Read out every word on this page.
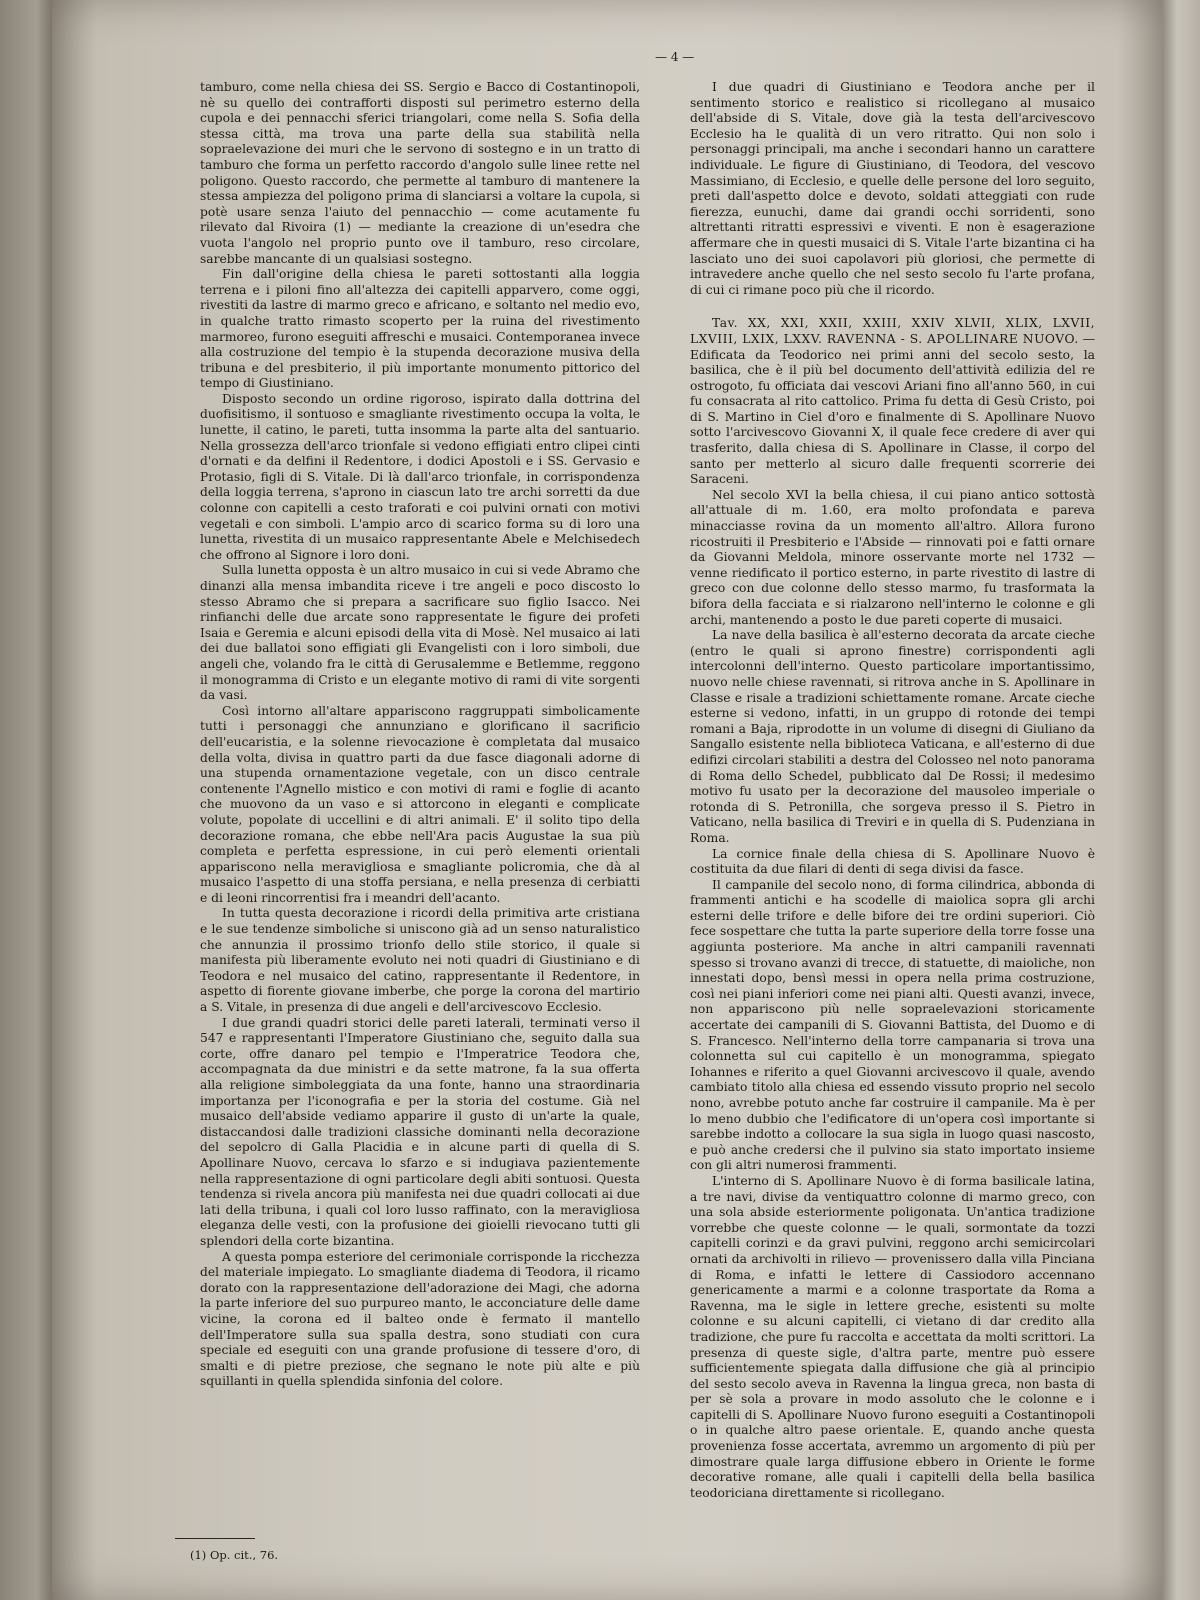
— 4 —

tamburo, come nella chiesa dei SS. Sergio e Bacco di Costantinopoli, nè su quello dei contrafforti disposti sul perimetro esterno della cupola e dei pennacchi sferici triangolari, come nella S. Sofia della stessa città, ma trova una parte della sua stabilità nella sopraelevazione dei muri che le servono di sostegno e in un tratto di tamburo che forma un perfetto raccordo d'angolo sulle linee rette nel poligono. Questo raccordo, che permette al tamburo di mantenere la stessa ampiezza del poligono prima di slanciarsi a voltare la cupola, si potè usare senza l'aiuto del pennacchio — come acutamente fu rilevato dal Rivoira (1) — mediante la creazione di un'esedra che vuota l'angolo nel proprio punto ove il tamburo, reso circolare, sarebbe mancante di un qualsiasi sostegno.

Fin dall'origine della chiesa le pareti sottostanti alla loggia terrena e i piloni fino all'altezza dei capitelli apparvero, come oggi, rivestiti da lastre di marmo greco e africano, e soltanto nel medio evo, in qualche tratto rimasto scoperto per la ruina del rivestimento marmoreo, furono eseguiti affreschi e musaici. Contemporanea invece alla costruzione del tempio è la stupenda decorazione musiva della tribuna e del presbiterio, il più importante monumento pittorico del tempo di Giustiniano.

Disposto secondo un ordine rigoroso, ispirato dalla dottrina del duofisitismo, il sontuoso e smagliante rivestimento occupa la volta, le lunette, il catino, le pareti, tutta insomma la parte alta del santuario. Nella grossezza dell'arco trionfale si vedono effigiati entro clipei cinti d'ornati e da delfini il Redentore, i dodici Apostoli e i SS. Gervasio e Protasio, figli di S. Vitale. Di là dall'arco trionfale, in corrispondenza della loggia terrena, s'aprono in ciascun lato tre archi sorretti da due colonne con capitelli a cesto traforati e coi pulvini ornati con motivi vegetali e con simboli. L'ampio arco di scarico forma su di loro una lunetta, rivestita di un musaico rappresentante Abele e Melchisedech che offrono al Signore i loro doni.

Sulla lunetta opposta è un altro musaico in cui si vede Abramo che dinanzi alla mensa imbandita riceve i tre angeli e poco discosto lo stesso Abramo che si prepara a sacrificare suo figlio Isacco. Nei rinfianchi delle due arcate sono rappresentate le figure dei profeti Isaia e Geremia e alcuni episodi della vita di Mosè. Nel musaico ai lati dei due ballatoi sono effigiati gli Evangelisti con i loro simboli, due angeli che, volando fra le città di Gerusalemme e Betlemme, reggono il monogramma di Cristo e un elegante motivo di rami di vite sorgenti da vasi.

Così intorno all'altare appariscono raggruppati simbolicamente tutti i personaggi che annunziano e glorificano il sacrificio dell'eucaristia, e la solenne rievocazione è completata dal musaico della volta, divisa in quattro parti da due fasce diagonali adorne di una stupenda ornamentazione vegetale, con un disco centrale contenente l'Agnello mistico e con motivi di rami e foglie di acanto che muovono da un vaso e si attorcono in eleganti e complicate volute, popolate di uccellini e di altri animali. E' il solito tipo della decorazione romana, che ebbe nell'Ara pacis Augustae la sua più completa e perfetta espressione, in cui però elementi orientali appariscono nella meravigliosa e smagliante policromia, che dà al musaico l'aspetto di una stoffa persiana, e nella presenza di cerbiatti e di leoni rincorrentisi fra i meandri dell'acanto.

In tutta questa decorazione i ricordi della primitiva arte cristiana e le sue tendenze simboliche si uniscono già ad un senso naturalistico che annunzia il prossimo trionfo dello stile storico, il quale si manifesta più liberamente evoluto nei noti quadri di Giustiniano e di Teodora e nel musaico del catino, rappresentante il Redentore, in aspetto di fiorente giovane imberbe, che porge la corona del martirio a S. Vitale, in presenza di due angeli e dell'arcivescovo Ecclesio.

I due grandi quadri storici delle pareti laterali, terminati verso il 547 e rappresentanti l'Imperatore Giustiniano che, seguito dalla sua corte, offre danaro pel tempio e l'Imperatrice Teodora che, accompagnata da due ministri e da sette matrone, fa la sua offerta alla religione simboleggiata da una fonte, hanno una straordinaria importanza per l'iconografia e per la storia del costume. Già nel musaico dell'abside vediamo apparire il gusto di un'arte la quale, distaccandosi dalle tradizioni classiche dominanti nella decorazione del sepolcro di Galla Placidia e in alcune parti di quella di S. Apollinare Nuovo, cercava lo sfarzo e si indugiava pazientemente nella rappresentazione di ogni particolare degli abiti sontuosi. Questa tendenza si rivela ancora più manifesta nei due quadri collocati ai due lati della tribuna, i quali col loro lusso raffinato, con la meravigliosa eleganza delle vesti, con la profusione dei gioielli rievocano tutti gli splendori della corte bizantina.

A questa pompa esteriore del cerimoniale corrisponde la ricchezza del materiale impiegato. Lo smagliante diadema di Teodora, il ricamo dorato con la rappresentazione dell'adorazione dei Magi, che adorna la parte inferiore del suo purpureo manto, le acconciature delle dame vicine, la corona ed il balteo onde è fermato il mantello dell'Imperatore sulla sua spalla destra, sono studiati con cura speciale ed eseguiti con una grande profusione di tessere d'oro, di smalti e di pietre preziose, che segnano le note più alte e più squillanti in quella splendida sinfonia del colore.

I due quadri di Giustiniano e Teodora anche per il sentimento storico e realistico si ricollegano al musaico dell'abside di S. Vitale, dove già la testa dell'arcivescovo Ecclesio ha le qualità di un vero ritratto. Qui non solo i personaggi principali, ma anche i secondari hanno un carattere individuale. Le figure di Giustiniano, di Teodora, del vescovo Massimiano, di Ecclesio, e quelle delle persone del loro seguito, preti dall'aspetto dolce e devoto, soldati atteggiati con rude fierezza, eunuchi, dame dai grandi occhi sorridenti, sono altrettanti ritratti espressivi e viventi. E non è esagerazione affermare che in questi musaici di S. Vitale l'arte bizantina ci ha lasciato uno dei suoi capolavori più gloriosi, che permette di intravedere anche quello che nel sesto secolo fu l'arte profana, di cui ci rimane poco più che il ricordo.

Tav. XX, XXI, XXII, XXIII, XXIV XLVII, XLIX, LXVII, LXVIII, LXIX, LXXV. RAVENNA - S. APOLLINARE NUOVO. — Edificata da Teodorico nei primi anni del secolo sesto, la basilica, che è il più bel documento dell'attività edilizia del re ostrogoto, fu officiata dai vescovi Ariani fino all'anno 560, in cui fu consacrata al rito cattolico. Prima fu detta di Gesù Cristo, poi di S. Martino in Ciel d'oro e finalmente di S. Apollinare Nuovo sotto l'arcivescovo Giovanni X, il quale fece credere di aver qui trasferito, dalla chiesa di S. Apollinare in Classe, il corpo del santo per metterlo al sicuro dalle frequenti scorrerie dei Saraceni.

Nel secolo XVI la bella chiesa, il cui piano antico sottostà all'attuale di m. 1.60, era molto profondata e pareva minacciasse rovina da un momento all'altro. Allora furono ricostruiti il Presbiterio e l'Abside — rinnovati poi e fatti ornare da Giovanni Meldola, minore osservante morte nel 1732 — venne riedificato il portico esterno, in parte rivestito di lastre di greco con due colonne dello stesso marmo, fu trasformata la bifora della facciata e si rialzarono nell'interno le colonne e gli archi, mantenendo a posto le due pareti coperte di musaici.

La nave della basilica è all'esterno decorata da arcate cieche (entro le quali si aprono finestre) corrispondenti agli intercolonni dell'interno. Questo particolare importantissimo, nuovo nelle chiese ravennati, si ritrova anche in S. Apollinare in Classe e risale a tradizioni schiettamente romane. Arcate cieche esterne si vedono, infatti, in un gruppo di rotonde dei tempi romani a Baja, riprodotte in un volume di disegni di Giuliano da Sangallo esistente nella biblioteca Vaticana, e all'esterno di due edifizi circolari stabiliti a destra del Colosseo nel noto panorama di Roma dello Schedel, pubblicato dal De Rossi; il medesimo motivo fu usato per la decorazione del mausoleo imperiale o rotonda di S. Petronilla, che sorgeva presso il S. Pietro in Vaticano, nella basilica di Treviri e in quella di S. Pudenziana in Roma.

La cornice finale della chiesa di S. Apollinare Nuovo è costituita da due filari di denti di sega divisi da fasce.

Il campanile del secolo nono, di forma cilindrica, abbonda di frammenti antichi e ha scodelle di maiolica sopra gli archi esterni delle trifore e delle bifore dei tre ordini superiori. Ciò fece sospettare che tutta la parte superiore della torre fosse una aggiunta posteriore. Ma anche in altri campanili ravennati spesso si trovano avanzi di trecce, di statuette, di maioliche, non innestati dopo, bensì messi in opera nella prima costruzione, così nei piani inferiori come nei piani alti. Questi avanzi, invece, non appariscono più nelle sopraelevazioni storicamente accertate dei campanili di S. Giovanni Battista, del Duomo e di S. Francesco. Nell'interno della torre campanaria si trova una colonnetta sul cui capitello è un monogramma, spiegato Iohannes e riferito a quel Giovanni arcivescovo il quale, avendo cambiato titolo alla chiesa ed essendo vissuto proprio nel secolo nono, avrebbe potuto anche far costruire il campanile. Ma è per lo meno dubbio che l'edificatore di un'opera così importante si sarebbe indotto a collocare la sua sigla in luogo quasi nascosto, e può anche credersi che il pulvino sia stato importato insieme con gli altri numerosi frammenti.

L'interno di S. Apollinare Nuovo è di forma basilicale latina, a tre navi, divise da ventiquattro colonne di marmo greco, con una sola abside esteriormente poligonata. Un'antica tradizione vorrebbe che queste colonne — le quali, sormontate da tozzi capitelli corinzi e da gravi pulvini, reggono archi semicircolari ornati da archivolti in rilievo — provenissero dalla villa Pinciana di Roma, e infatti le lettere di Cassiodoro accennano genericamente a marmi e a colonne trasportate da Roma a Ravenna, ma le sigle in lettere greche, esistenti su molte colonne e su alcuni capitelli, ci vietano di dar credito alla tradizione, che pure fu raccolta e accettata da molti scrittori. La presenza di queste sigle, d'altra parte, mentre può essere sufficientemente spiegata dalla diffusione che già al principio del sesto secolo aveva in Ravenna la lingua greca, non basta di per sè sola a provare in modo assoluto che le colonne e i capitelli di S. Apollinare Nuovo furono eseguiti a Costantinopoli o in qualche altro paese orientale. E, quando anche questa provenienza fosse accertata, avremmo un argomento di più per dimostrare quale larga diffusione ebbero in Oriente le forme decorative romane, alle quali i capitelli della bella basilica teodoriciana direttamente si ricollegano.

(1) Op. cit., 76.
